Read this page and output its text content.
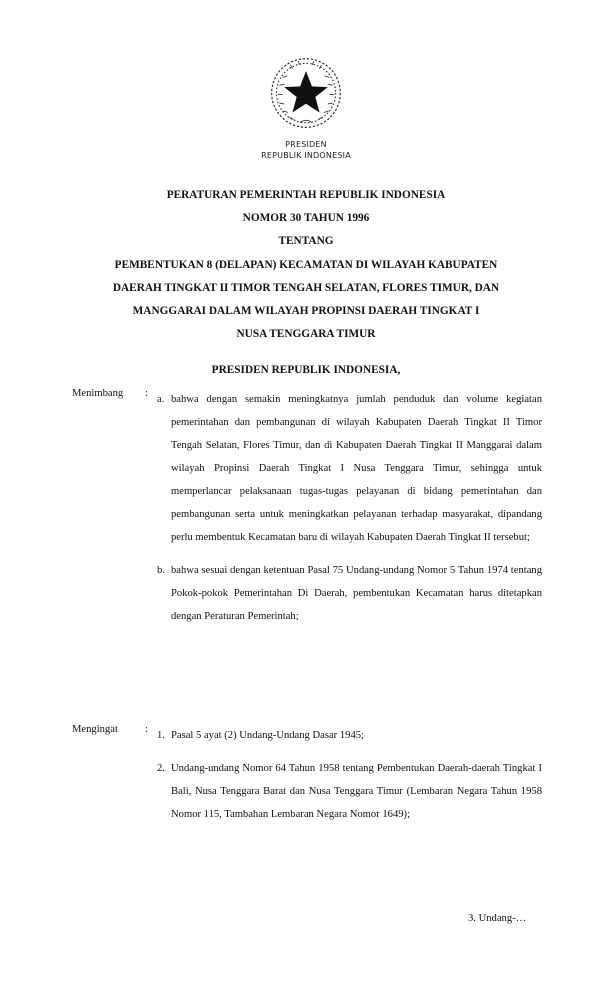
PRESIDEN
REPUBLIK INDONESIA
PERATURAN PEMERINTAH REPUBLIK INDONESIA
NOMOR 30 TAHUN 1996
TENTANG
PEMBENTUKAN 8 (DELAPAN) KECAMATAN DI WILAYAH KABUPATEN
DAERAH TINGKAT II TIMOR TENGAH SELATAN, FLORES TIMUR, DAN
MANGGARAI DALAM WILAYAH PROPINSI DAERAH TINGKAT I
NUSA TENGGARA TIMUR
PRESIDEN REPUBLIK INDONESIA,
Menimbang :
a. bahwa dengan semakin meningkatnya jumlah penduduk dan volume kegiatan pemerintahan dan pembangunan di wilayah Kabupaten Daerah Tingkat II Timor Tengah Selatan, Flores Timur, dan di Kabupaten Daerah Tingkat II Manggarai dalam wilayah Propinsi Daerah Tingkat I Nusa Tenggara Timur, sehingga untuk memperlancar pelaksanaan tugas-tugas pelayanan di bidang pemerintahan dan pembangunan serta untuk meningkatkan pelayanan terhadap masyarakat, dipandang perlu membentuk Kecamatan baru di wilayah Kabupaten Daerah Tingkat II tersebut;
b. bahwa sesuai dengan ketentuan Pasal 75 Undang-undang Nomor 5 Tahun 1974 tentang Pokok-pokok Pemerintahan Di Daerah, pembentukan Kecamatan harus ditetapkan dengan Peraturan Pemerintah;
Mengingat	:
1. Pasal 5 ayat (2) Undang-Undang Dasar 1945;
2. Undang-undang Nomor 64 Tahun 1958 tentang Pembentukan Daerah-daerah Tingkat I Bali, Nusa Tenggara Barat dan Nusa Tenggara Timur (Lembaran Negara Tahun 1958 Nomor 115, Tambahan Lembaran Negara Nomor 1649);
3. Undang-…
